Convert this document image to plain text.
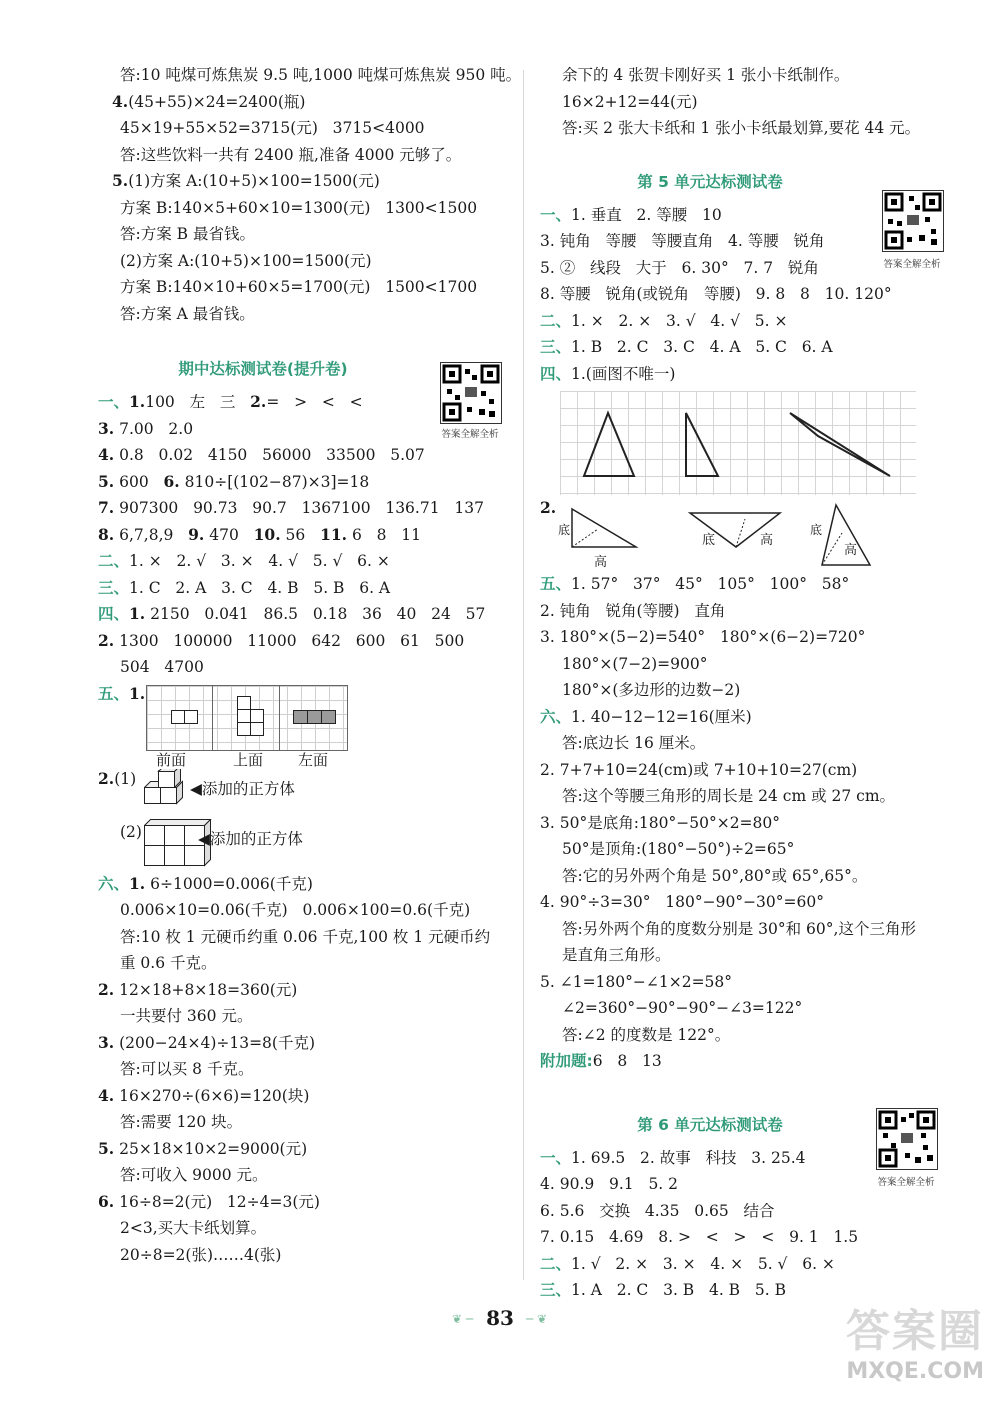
答:10 吨煤可炼焦炭 9.5 吨,1000 吨煤可炼焦炭 950 吨。
4.(45+55)×24=2400(瓶)
45×19+55×52=3715(元)   3715<4000
答:这些饮料一共有 2400 瓶,准备 4000 元够了。
5.(1)方案 A:(10+5)×100=1500(元)
方案 B:140×5+60×10=1300(元)   1300<1500
答:方案 B 最省钱。
(2)方案 A:(10+5)×100=1500(元)
方案 B:140×10+60×5=1700(元)   1500<1700
答:方案 A 最省钱。
期中达标测试卷(提升卷)
一、1.100   左   三   2.=   >   <   <
3. 7.00   2.0
4. 0.8   0.02   4150   56000   33500   5.07
5. 600   6. 810÷[(102−87)×3]=18
7. 907300   90.73   90.7   1367100   136.71   137
8. 6,7,8,9   9. 470   10. 56   11. 6   8   11
二、1. × 2. √ 3. × 4. √ 5. √ 6. ×
三、1. C 2. A 3. C 4. B 5. B 6. A
四、1. 2150   0.041   86.5   0.18   36   40   24   57
2. 1300   100000   11000   642   600   61   500
504   4700
五、1.
前面	上面 左面
2.(1)
◀添加的正方体
(2)	◀添加的正方体
六、1. 6÷1000=0.006(千克)
0.006×10=0.06(千克)   0.006×100=0.6(千克)
答:10 枚 1 元硬币约重 0.06 千克,100 枚 1 元硬币约
重 0.6 千克。
2. 12×18+8×18=360(元)
一共要付 360 元。
3. (200−24×4)÷13=8(千克)
答:可以买 8 千克。
4. 16×270÷(6×6)=120(块)
答:需要 120 块。
5. 25×18×10×2=9000(元)
答:可收入 9000 元。
6. 16÷8=2(元)   12÷4=3(元)
2<3,买大卡纸划算。
20÷8=2(张)……4(张)
答案全解全析
余下的 4 张贺卡刚好买 1 张小卡纸制作。
16×2+12=44(元)
答:买 2 张大卡纸和 1 张小卡纸最划算,要花 44 元。
第 5 单元达标测试卷
一、1. 垂直 2. 等腰   10
3. 钝角   等腰   等腰直角   4. 等腰   锐角
5. ②   线段   大于   6. 30°   7. 7   锐角
8. 等腰   锐角(或锐角   等腰)   9. 8   8   10. 120°
二、1. × 2. × 3. √ 4. √ 5. ×
三、1. B 2. C 3. C 4. A 5. C 6. A
四、1.(画图不唯一)
2.
底
高
底	高
底
高
五、1. 57°   37°   45°   105°   100°   58°
2. 钝角   锐角(等腰)   直角
3. 180°×(5−2)=540°   180°×(6−2)=720°
180°×(7−2)=900°
180°×(多边形的边数−2)
六、1. 40−12−12=16(厘米)
答:底边长 16 厘米。
2. 7+7+10=24(cm)或 7+10+10=27(cm)
答:这个等腰三角形的周长是 24 cm 或 27 cm。
3. 50°是底角:180°−50°×2=80°
50°是顶角:(180°−50°)÷2=65°
答:它的另外两个角是 50°,80°或 65°,65°。
4. 90°÷3=30°   180°−90°−30°=60°
答:另外两个角的度数分别是 30°和 60°,这个三角形
是直角三角形。
5. ∠1=180°−∠1×2=58°
∠2=360°−90°−90°−∠3=122°
答:∠2 的度数是 122°。
附加题:6   8   13
第 6 单元达标测试卷
一、1. 69.5   2. 故事   科技   3. 25.4
4. 90.9   9.1   5. 2
6. 5.6   交换   4.35   0.65   结合
7. 0.15   4.69   8. >   <   >   <   9. 1   1.5
二、1. √ 2. × 3. × 4. × 5. √ 6. ×
三、1. A 2. C 3. B 4. B 5. B
答案全解全析
答案全解全析
❦ ─ 83	─ ❦	答案圈
MXQE.COM
